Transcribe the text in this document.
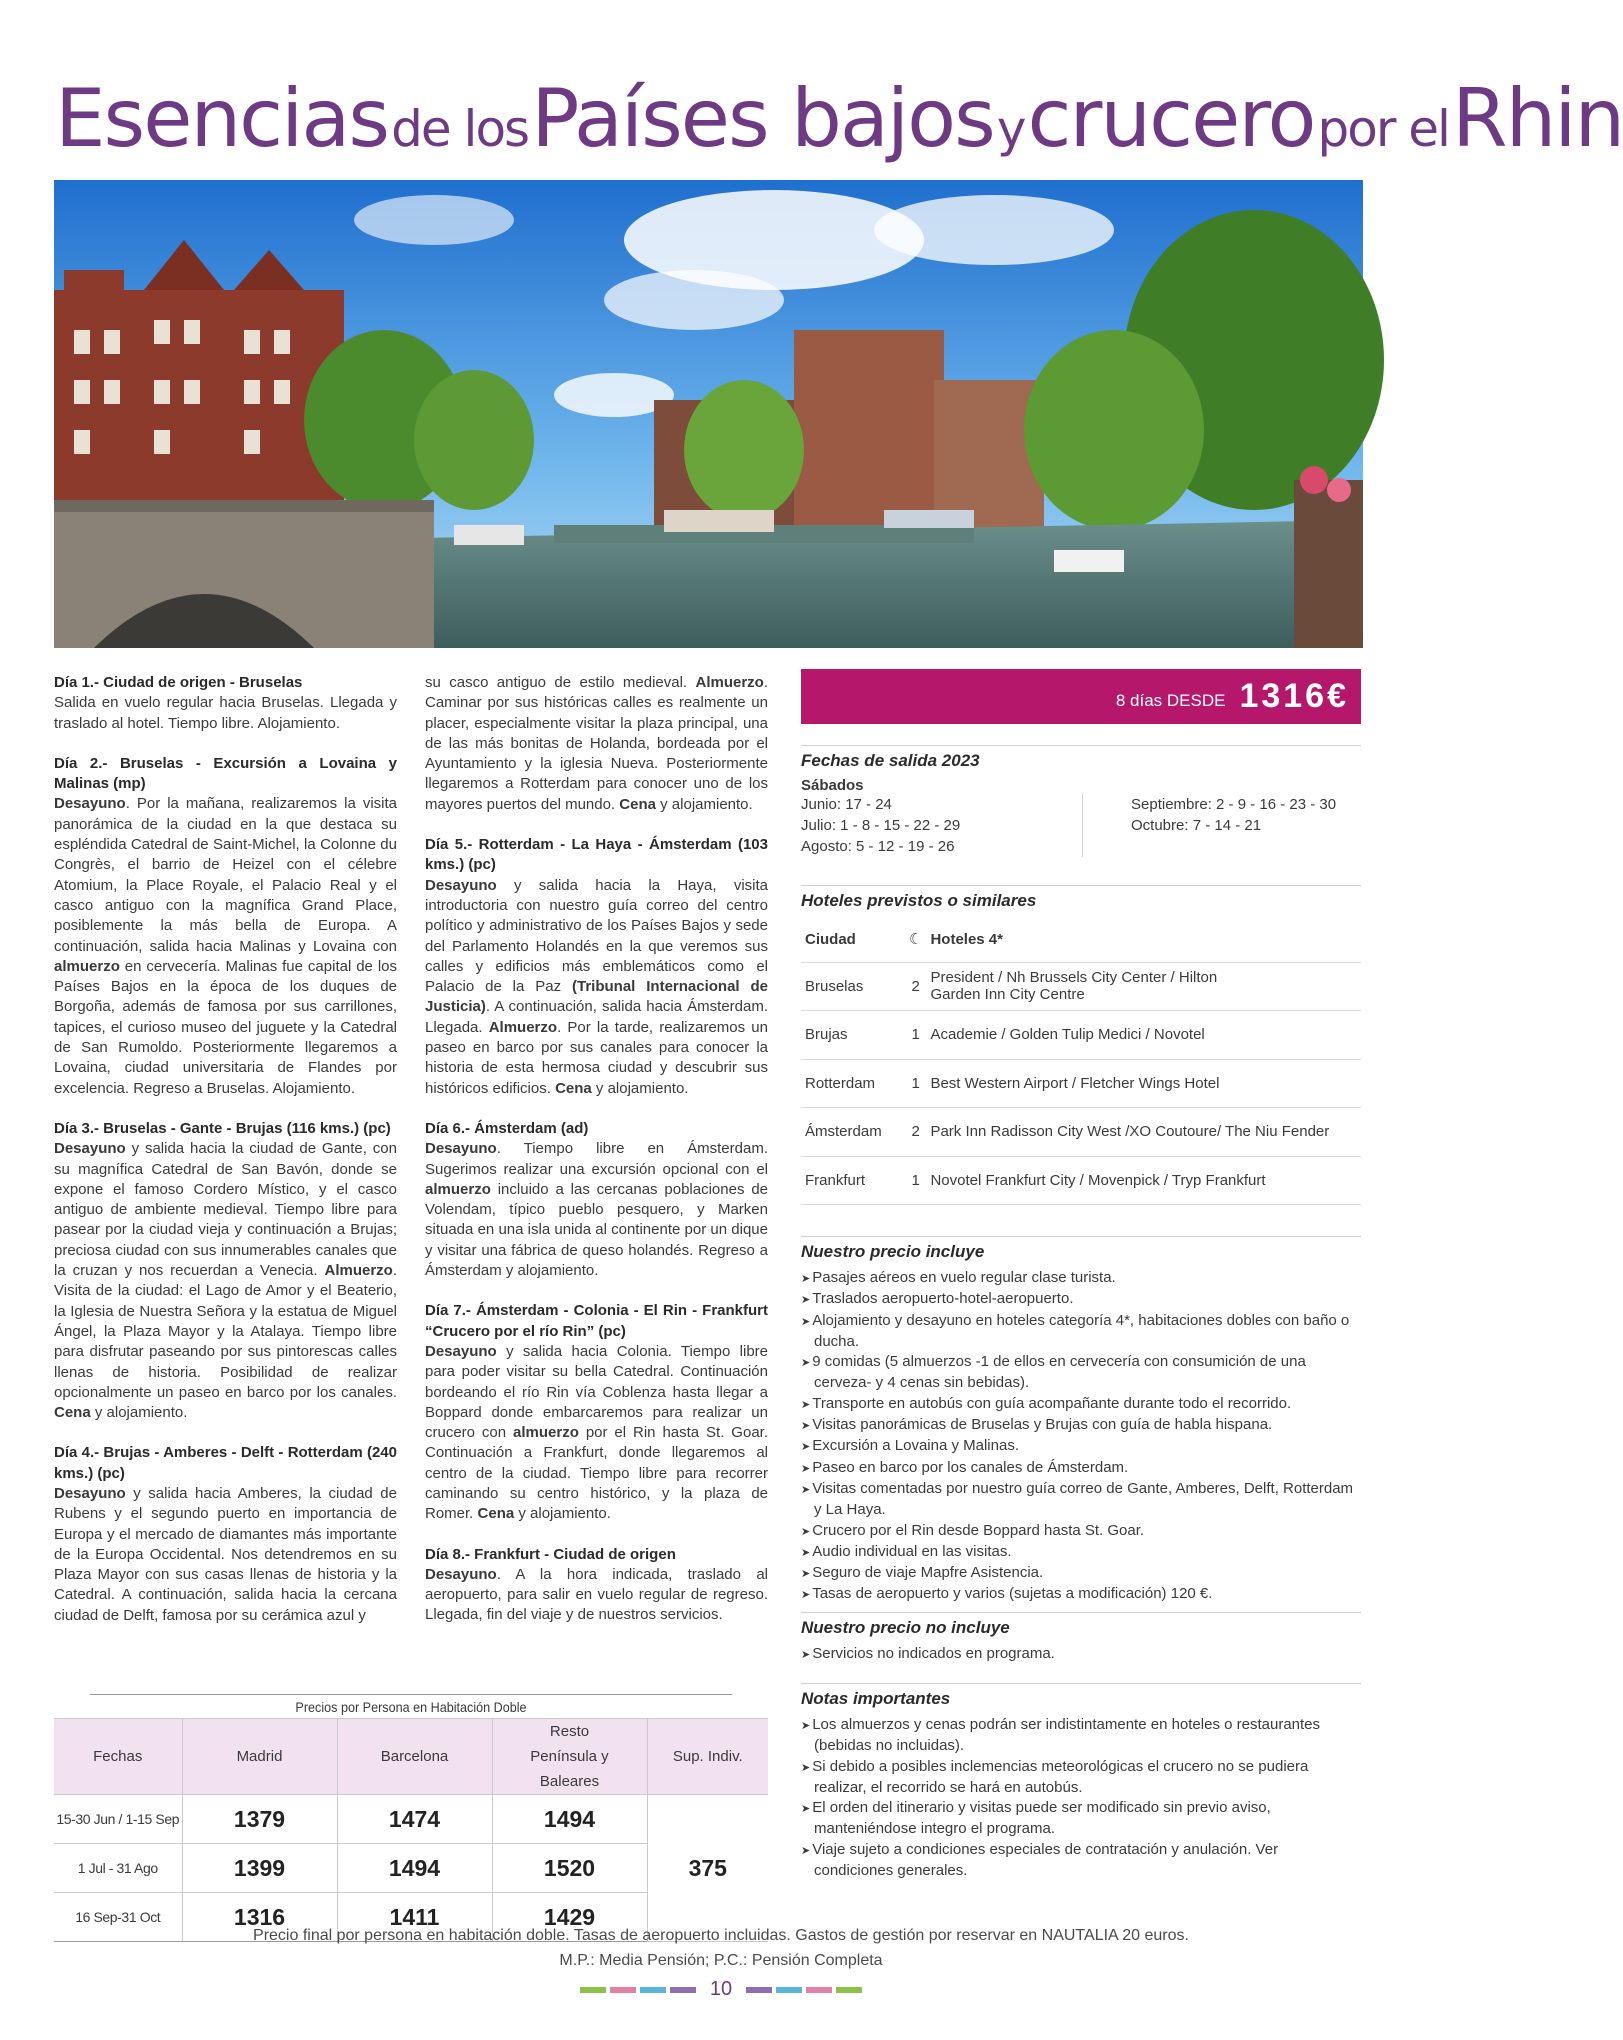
Esencias de los Países bajos y crucero por el Rhin

Día 1.- Ciudad de origen - Bruselas

Salida en vuelo regular hacia Bruselas. Llegada y traslado al hotel. Tiempo libre. Alojamiento.

Día 2.- Bruselas - Excursión a Lovaina y Malinas (mp)

Desayuno. Por la mañana, realizaremos la visita panorámica de la ciudad en la que destaca su espléndida Catedral de Saint-Michel, la Colonne du Congrès, el barrio de Heizel con el célebre Atomium, la Place Royale, el Palacio Real y el casco antiguo con la magnífica Grand Place, posiblemente la más bella de Europa. A continuación, salida hacia Malinas y Lovaina con almuerzo en cervecería. Malinas fue capital de los Países Bajos en la época de los duques de Borgoña, además de famosa por sus carrillones, tapices, el curioso museo del juguete y la Catedral de San Rumoldo. Posteriormente llegaremos a Lovaina, ciudad universitaria de Flandes por excelencia. Regreso a Bruselas. Alojamiento.

Día 3.- Bruselas - Gante - Brujas (116 kms.) (pc)

Desayuno y salida hacia la ciudad de Gante, con su magnífica Catedral de San Bavón, donde se expone el famoso Cordero Místico, y el casco antiguo de ambiente medieval. Tiempo libre para pasear por la ciudad vieja y continuación a Brujas; preciosa ciudad con sus innumerables canales que la cruzan y nos recuerdan a Venecia. Almuerzo. Visita de la ciudad: el Lago de Amor y el Beaterio, la Iglesia de Nuestra Señora y la estatua de Miguel Ángel, la Plaza Mayor y la Atalaya. Tiempo libre para disfrutar paseando por sus pintorescas calles llenas de historia. Posibilidad de realizar opcionalmente un paseo en barco por los canales. Cena y alojamiento.

Día 4.- Brujas - Amberes - Delft - Rotterdam (240 kms.) (pc)

Desayuno y salida hacia Amberes, la ciudad de Rubens y el segundo puerto en importancia de Europa y el mercado de diamantes más importante de la Europa Occidental. Nos detendremos en su Plaza Mayor con sus casas llenas de historia y la Catedral. A continuación, salida hacia la cercana ciudad de Delft, famosa por su cerámica azul y

su casco antiguo de estilo medieval. Almuerzo. Caminar por sus históricas calles es realmente un placer, especialmente visitar la plaza principal, una de las más bonitas de Holanda, bordeada por el Ayuntamiento y la iglesia Nueva. Posteriormente llegaremos a Rotterdam para conocer uno de los mayores puertos del mundo. Cena y alojamiento.

Día 5.- Rotterdam - La Haya - Ámsterdam (103 kms.) (pc)

Desayuno y salida hacia la Haya, visita introductoria con nuestro guía correo del centro político y administrativo de los Países Bajos y sede del Parlamento Holandés en la que veremos sus calles y edificios más emblemáticos como el Palacio de la Paz (Tribunal Internacional de Justicia). A continuación, salida hacia Ámsterdam. Llegada. Almuerzo. Por la tarde, realizaremos un paseo en barco por sus canales para conocer la historia de esta hermosa ciudad y descubrir sus históricos edificios. Cena y alojamiento.

Día 6.- Ámsterdam (ad)

Desayuno. Tiempo libre en Ámsterdam. Sugerimos realizar una excursión opcional con el almuerzo incluido a las cercanas poblaciones de Volendam, típico pueblo pesquero, y Marken situada en una isla unida al continente por un dique y visitar una fábrica de queso holandés. Regreso a Ámsterdam y alojamiento.

Día 7.- Ámsterdam - Colonia - El Rin - Frankfurt “Crucero por el río Rin” (pc)

Desayuno y salida hacia Colonia. Tiempo libre para poder visitar su bella Catedral. Continuación bordeando el río Rin vía Coblenza hasta llegar a Boppard donde embarcaremos para realizar un crucero con almuerzo por el Rin hasta St. Goar. Continuación a Frankfurt, donde llegaremos al centro de la ciudad. Tiempo libre para recorrer caminando su centro histórico, y la plaza de Romer. Cena y alojamiento.

Día 8.- Frankfurt - Ciudad de origen

Desayuno. A la hora indicada, traslado al aeropuerto, para salir en vuelo regular de regreso. Llegada, fin del viaje y de nuestros servicios.

8 días DESDE 1316€
Fechas de salida 2023
Sábados
Junio: 17 - 24
Julio: 1 - 8 - 15 - 22 - 29
Agosto: 5 - 12 - 19 - 26
Septiembre: 2 - 9 - 16 - 23 - 30
Octubre: 7 - 14 - 21
Hoteles previstos o similares
Ciudad	☾	Hoteles 4*
Bruselas	2	President / Nh Brussels City Center / Hilton Garden Inn City Centre
Brujas	1	Academie / Golden Tulip Medici / Novotel
Rotterdam	1	Best Western Airport / Fletcher Wings Hotel
Ámsterdam	2	Park Inn Radisson City West /XO Coutoure/ The Niu Fender
Frankfurt	1	Novotel Frankfurt City / Movenpick / Tryp Frankfurt
Nuestro precio incluye
➤ Pasajes aéreos en vuelo regular clase turista.
➤ Traslados aeropuerto-hotel-aeropuerto.
➤ Alojamiento y desayuno en hoteles categoría 4*, habitaciones dobles con baño o ducha.
➤ 9 comidas (5 almuerzos -1 de ellos en cervecería con consumición de una cerveza- y 4 cenas sin bebidas).
➤ Transporte en autobús con guía acompañante durante todo el recorrido.
➤ Visitas panorámicas de Bruselas y Brujas con guía de habla hispana.
➤ Excursión a Lovaina y Malinas.
➤ Paseo en barco por los canales de Ámsterdam.
➤ Visitas comentadas por nuestro guía correo de Gante, Amberes, Delft, Rotterdam y La Haya.
➤ Crucero por el Rin desde Boppard hasta St. Goar.
➤ Audio individual en las visitas.
➤ Seguro de viaje Mapfre Asistencia.
➤ Tasas de aeropuerto y varios (sujetas a modificación) 120 €.
Nuestro precio no incluye
➤ Servicios no indicados en programa.
Notas importantes
➤ Los almuerzos y cenas podrán ser indistintamente en hoteles o restaurantes (bebidas no incluidas).
➤ Si debido a posibles inclemencias meteorológicas el crucero no se pudiera realizar, el recorrido se hará en autobús.
➤ El orden del itinerario y visitas puede ser modificado sin previo aviso, manteniéndose integro el programa.
➤ Viaje sujeto a condiciones especiales de contratación y anulación. Ver condiciones generales.
Precios por Persona en Habitación Doble
Fechas	Madrid	Barcelona	Resto Península y Baleares	Sup. Indiv.
15-30 Jun / 1-15 Sep	1379	1474	1494	375
1 Jul - 31 Ago	1399	1494	1520	
16 Sep-31 Oct	1316	1411	1429	
Precio final por persona en habitación doble. Tasas de aeropuerto incluidas. Gastos de gestión por reservar en NAUTALIA 20 euros.
M.P.: Media Pensión; P.C.: Pensión Completa
10
